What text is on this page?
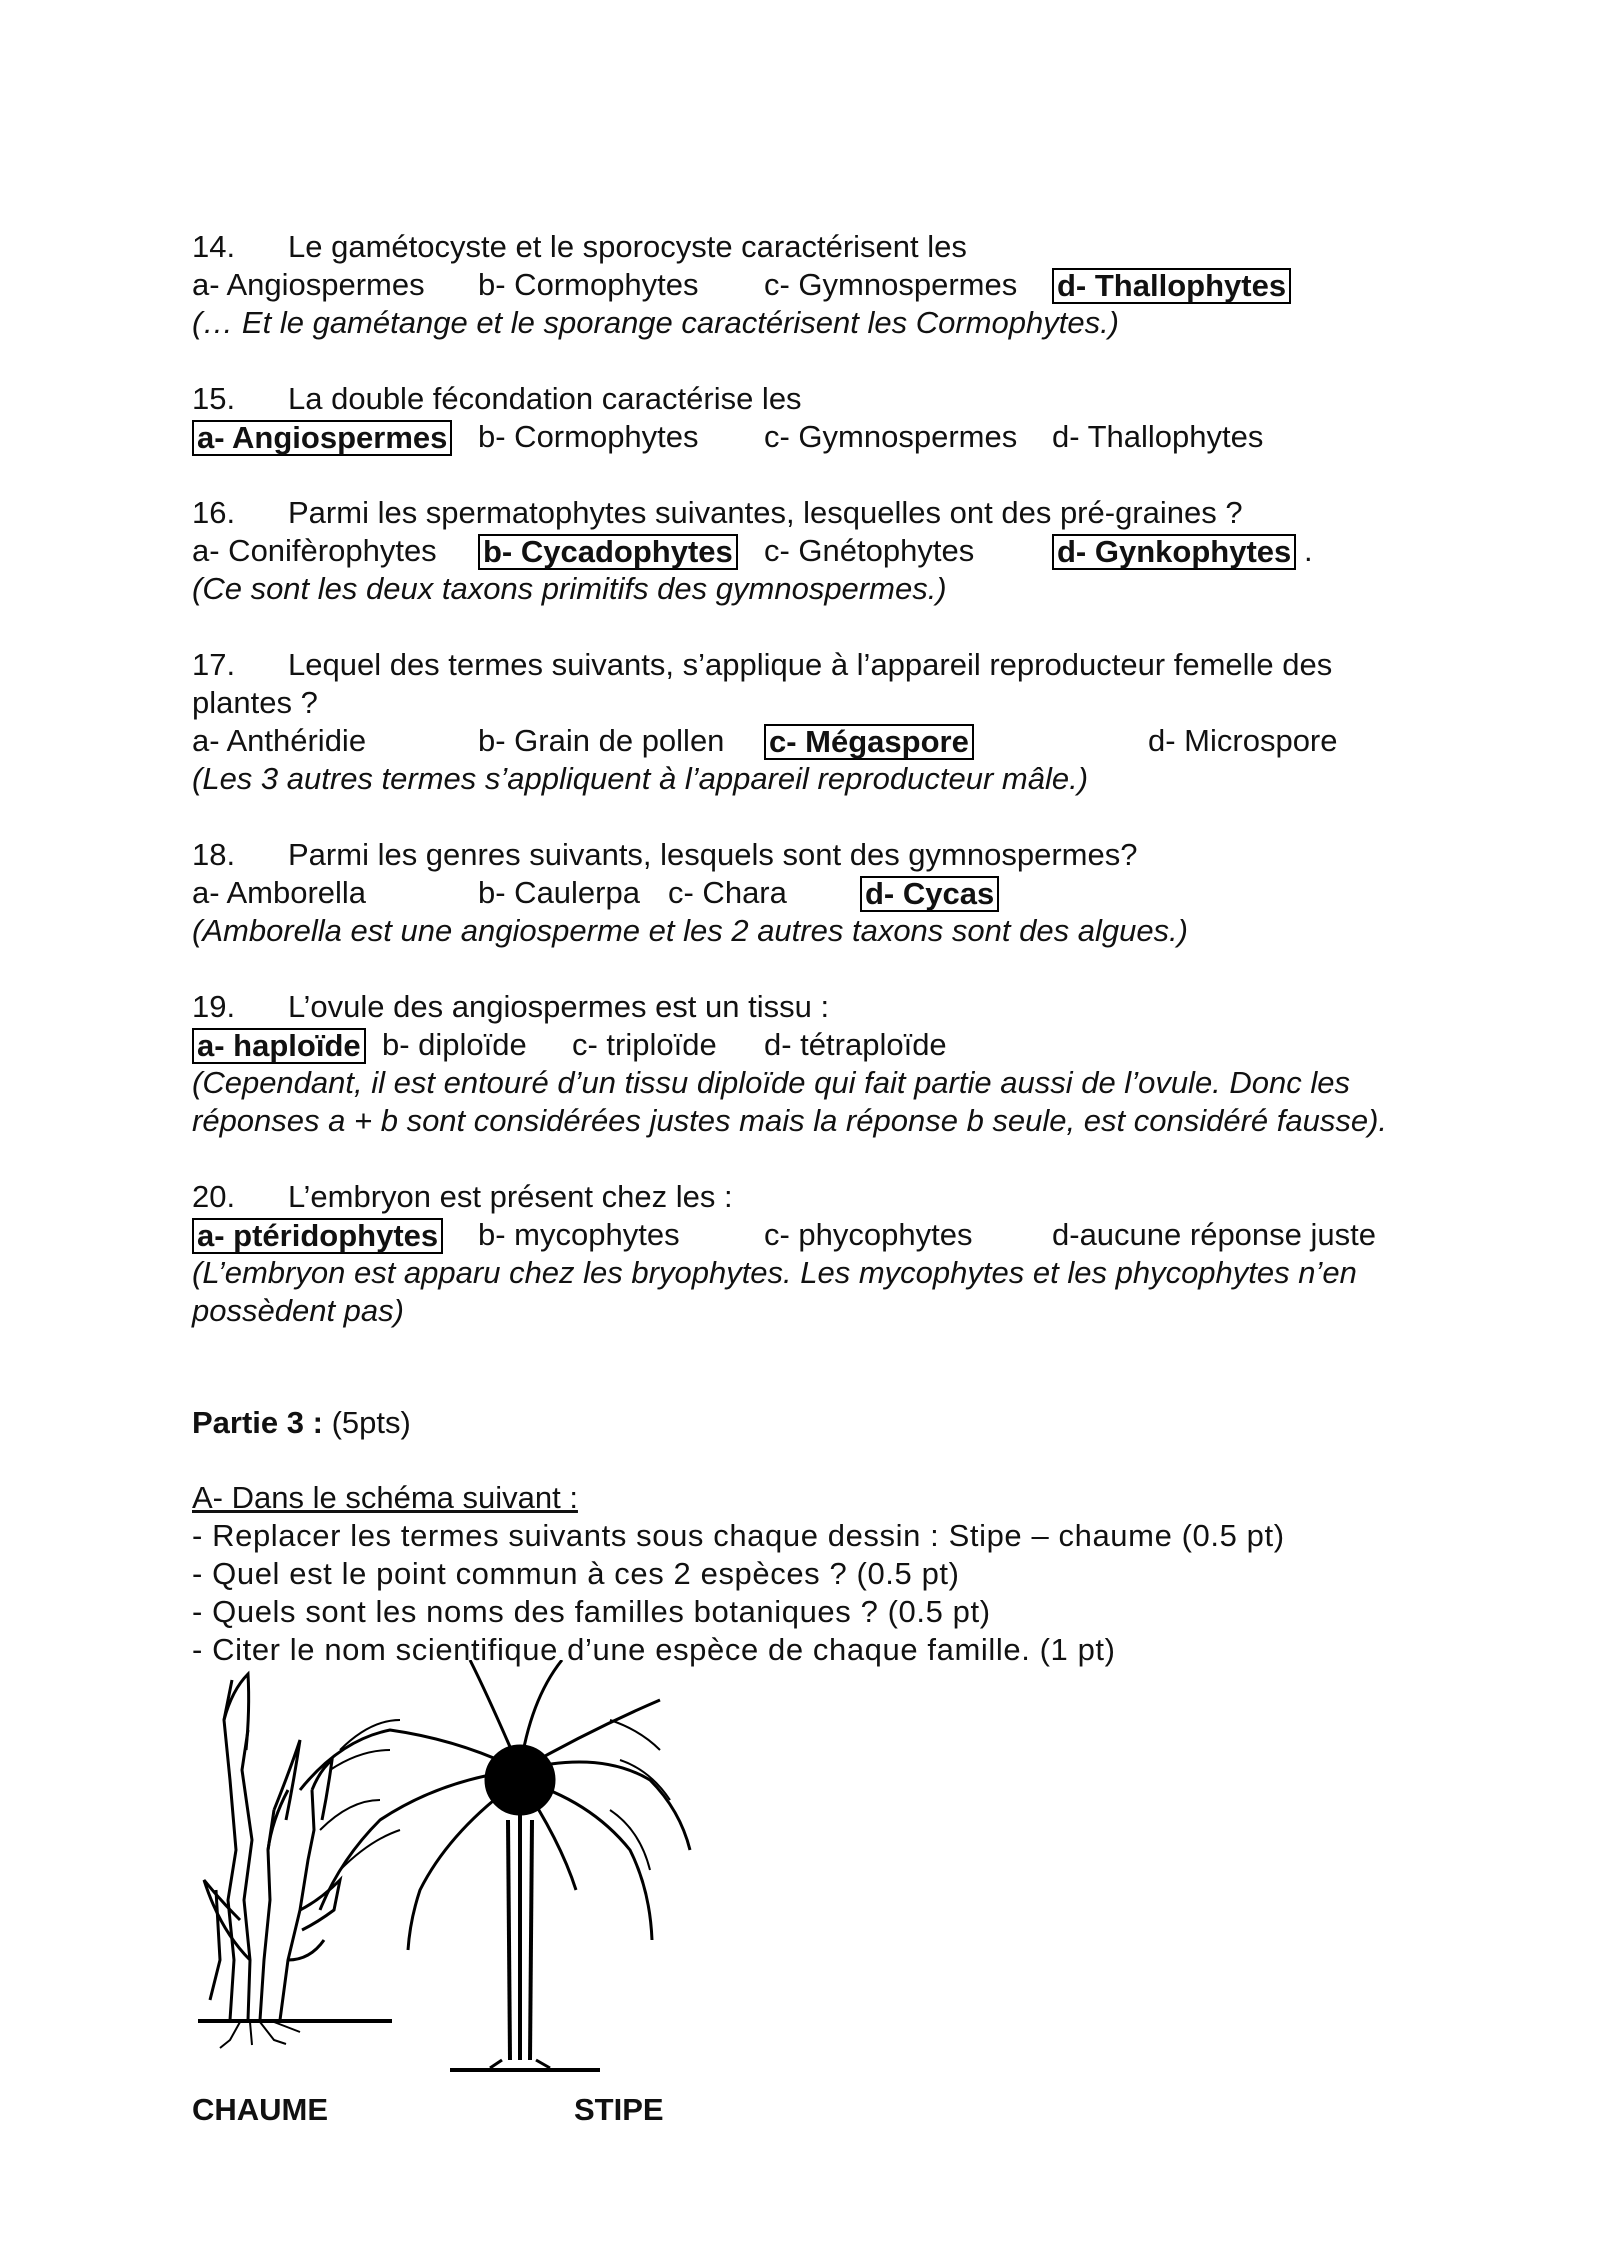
14. Le gamétocyste et le sporocyste caractérisent les
a- Angiospermes b- Cormophytes c- Gymnospermes d- Thallophytes
(… Et le gamétange et le sporange caractérisent les Cormophytes.)
15. La double fécondation caractérise les
a- Angiospermes b- Cormophytes c- Gymnospermes d- Thallophytes
16. Parmi les spermatophytes suivantes, lesquelles ont des pré-graines ?
a- Conifèrophytes b- Cycadophytes c- Gnétophytes	d- Gynkophytes .
(Ce sont les deux taxons primitifs des gymnospermes.)
17. Lequel des termes suivants, s’applique à l’appareil reproducteur femelle des
plantes ?
a- Anthéridie	b- Grain de pollen c- Mégaspore	d- Microspore
(Les 3 autres termes s’appliquent à l’appareil reproducteur mâle.)
18. Parmi les genres suivants, lesquels sont des gymnospermes?
a- Amborella	b- Caulerpa c- Chara	d- Cycas
(Amborella est une angiosperme et les 2 autres taxons sont des algues.)
19. L’ovule des angiospermes est un tissu :
a- haploïde b- diploïde c- triploïde d- tétraploïde
(Cependant, il est entouré d’un tissu diploïde qui fait partie aussi de l’ovule. Donc les
réponses a + b sont considérées justes mais la réponse b seule, est considéré fausse).
20. L’embryon est présent chez les :
a- ptéridophytes b- mycophytes	c- phycophytes	d-aucune réponse juste
(L’embryon est apparu chez les bryophytes. Les mycophytes et les phycophytes n’en
possèdent pas)
Partie 3 : (5pts)
A- Dans le schéma suivant :
- Replacer les termes suivants sous chaque dessin : Stipe – chaume (0.5 pt)
- Quel est le point commun à ces 2 espèces ? (0.5 pt)
- Quels sont les noms des familles botaniques ? (0.5 pt)
- Citer le nom scientifique d’une espèce de chaque famille. (1 pt)
CHAUME	STIPE
